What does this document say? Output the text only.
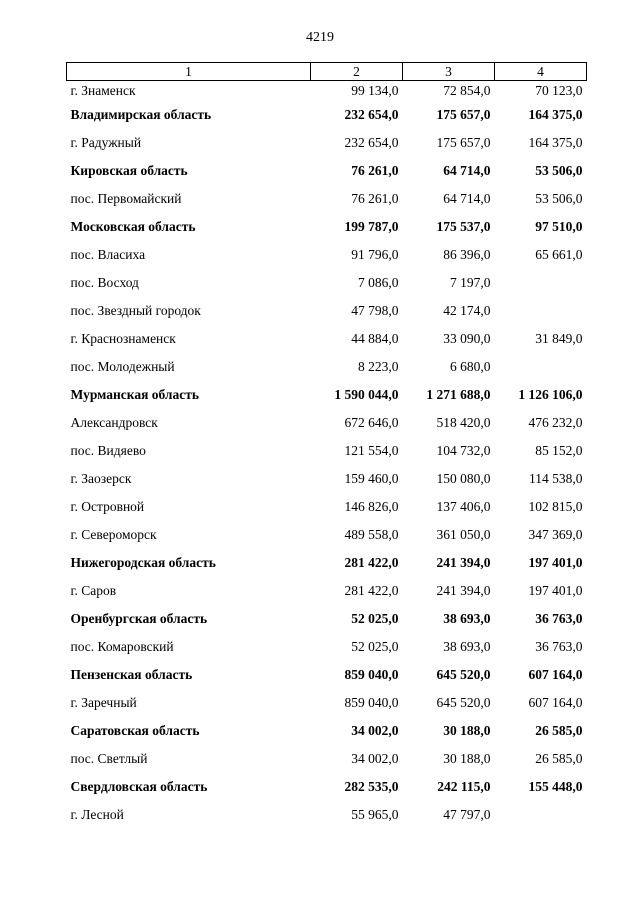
4219
1	2	3	4
г. Знаменск	99 134,0	72 854,0	70 123,0
Владимирская область	232 654,0	175 657,0	164 375,0
г. Радужный	232 654,0	175 657,0	164 375,0
Кировская область	76 261,0	64 714,0	53 506,0
пос. Первомайский	76 261,0	64 714,0	53 506,0
Московская область	199 787,0	175 537,0	97 510,0
пос. Власиха	91 796,0	86 396,0	65 661,0
пос. Восход	7 086,0	7 197,0	
пос. Звездный городок	47 798,0	42 174,0	
г. Краснознаменск	44 884,0	33 090,0	31 849,0
пос. Молодежный	8 223,0	6 680,0	
Мурманская область	1 590 044,0	1 271 688,0	1 126 106,0
Александровск	672 646,0	518 420,0	476 232,0
пос. Видяево	121 554,0	104 732,0	85 152,0
г. Заозерск	159 460,0	150 080,0	114 538,0
г. Островной	146 826,0	137 406,0	102 815,0
г. Североморск	489 558,0	361 050,0	347 369,0
Нижегородская область	281 422,0	241 394,0	197 401,0
г. Саров	281 422,0	241 394,0	197 401,0
Оренбургская область	52 025,0	38 693,0	36 763,0
пос. Комаровский	52 025,0	38 693,0	36 763,0
Пензенская область	859 040,0	645 520,0	607 164,0
г. Заречный	859 040,0	645 520,0	607 164,0
Саратовская область	34 002,0	30 188,0	26 585,0
пос. Светлый	34 002,0	30 188,0	26 585,0
Свердловская область	282 535,0	242 115,0	155 448,0
г. Лесной	55 965,0	47 797,0	
